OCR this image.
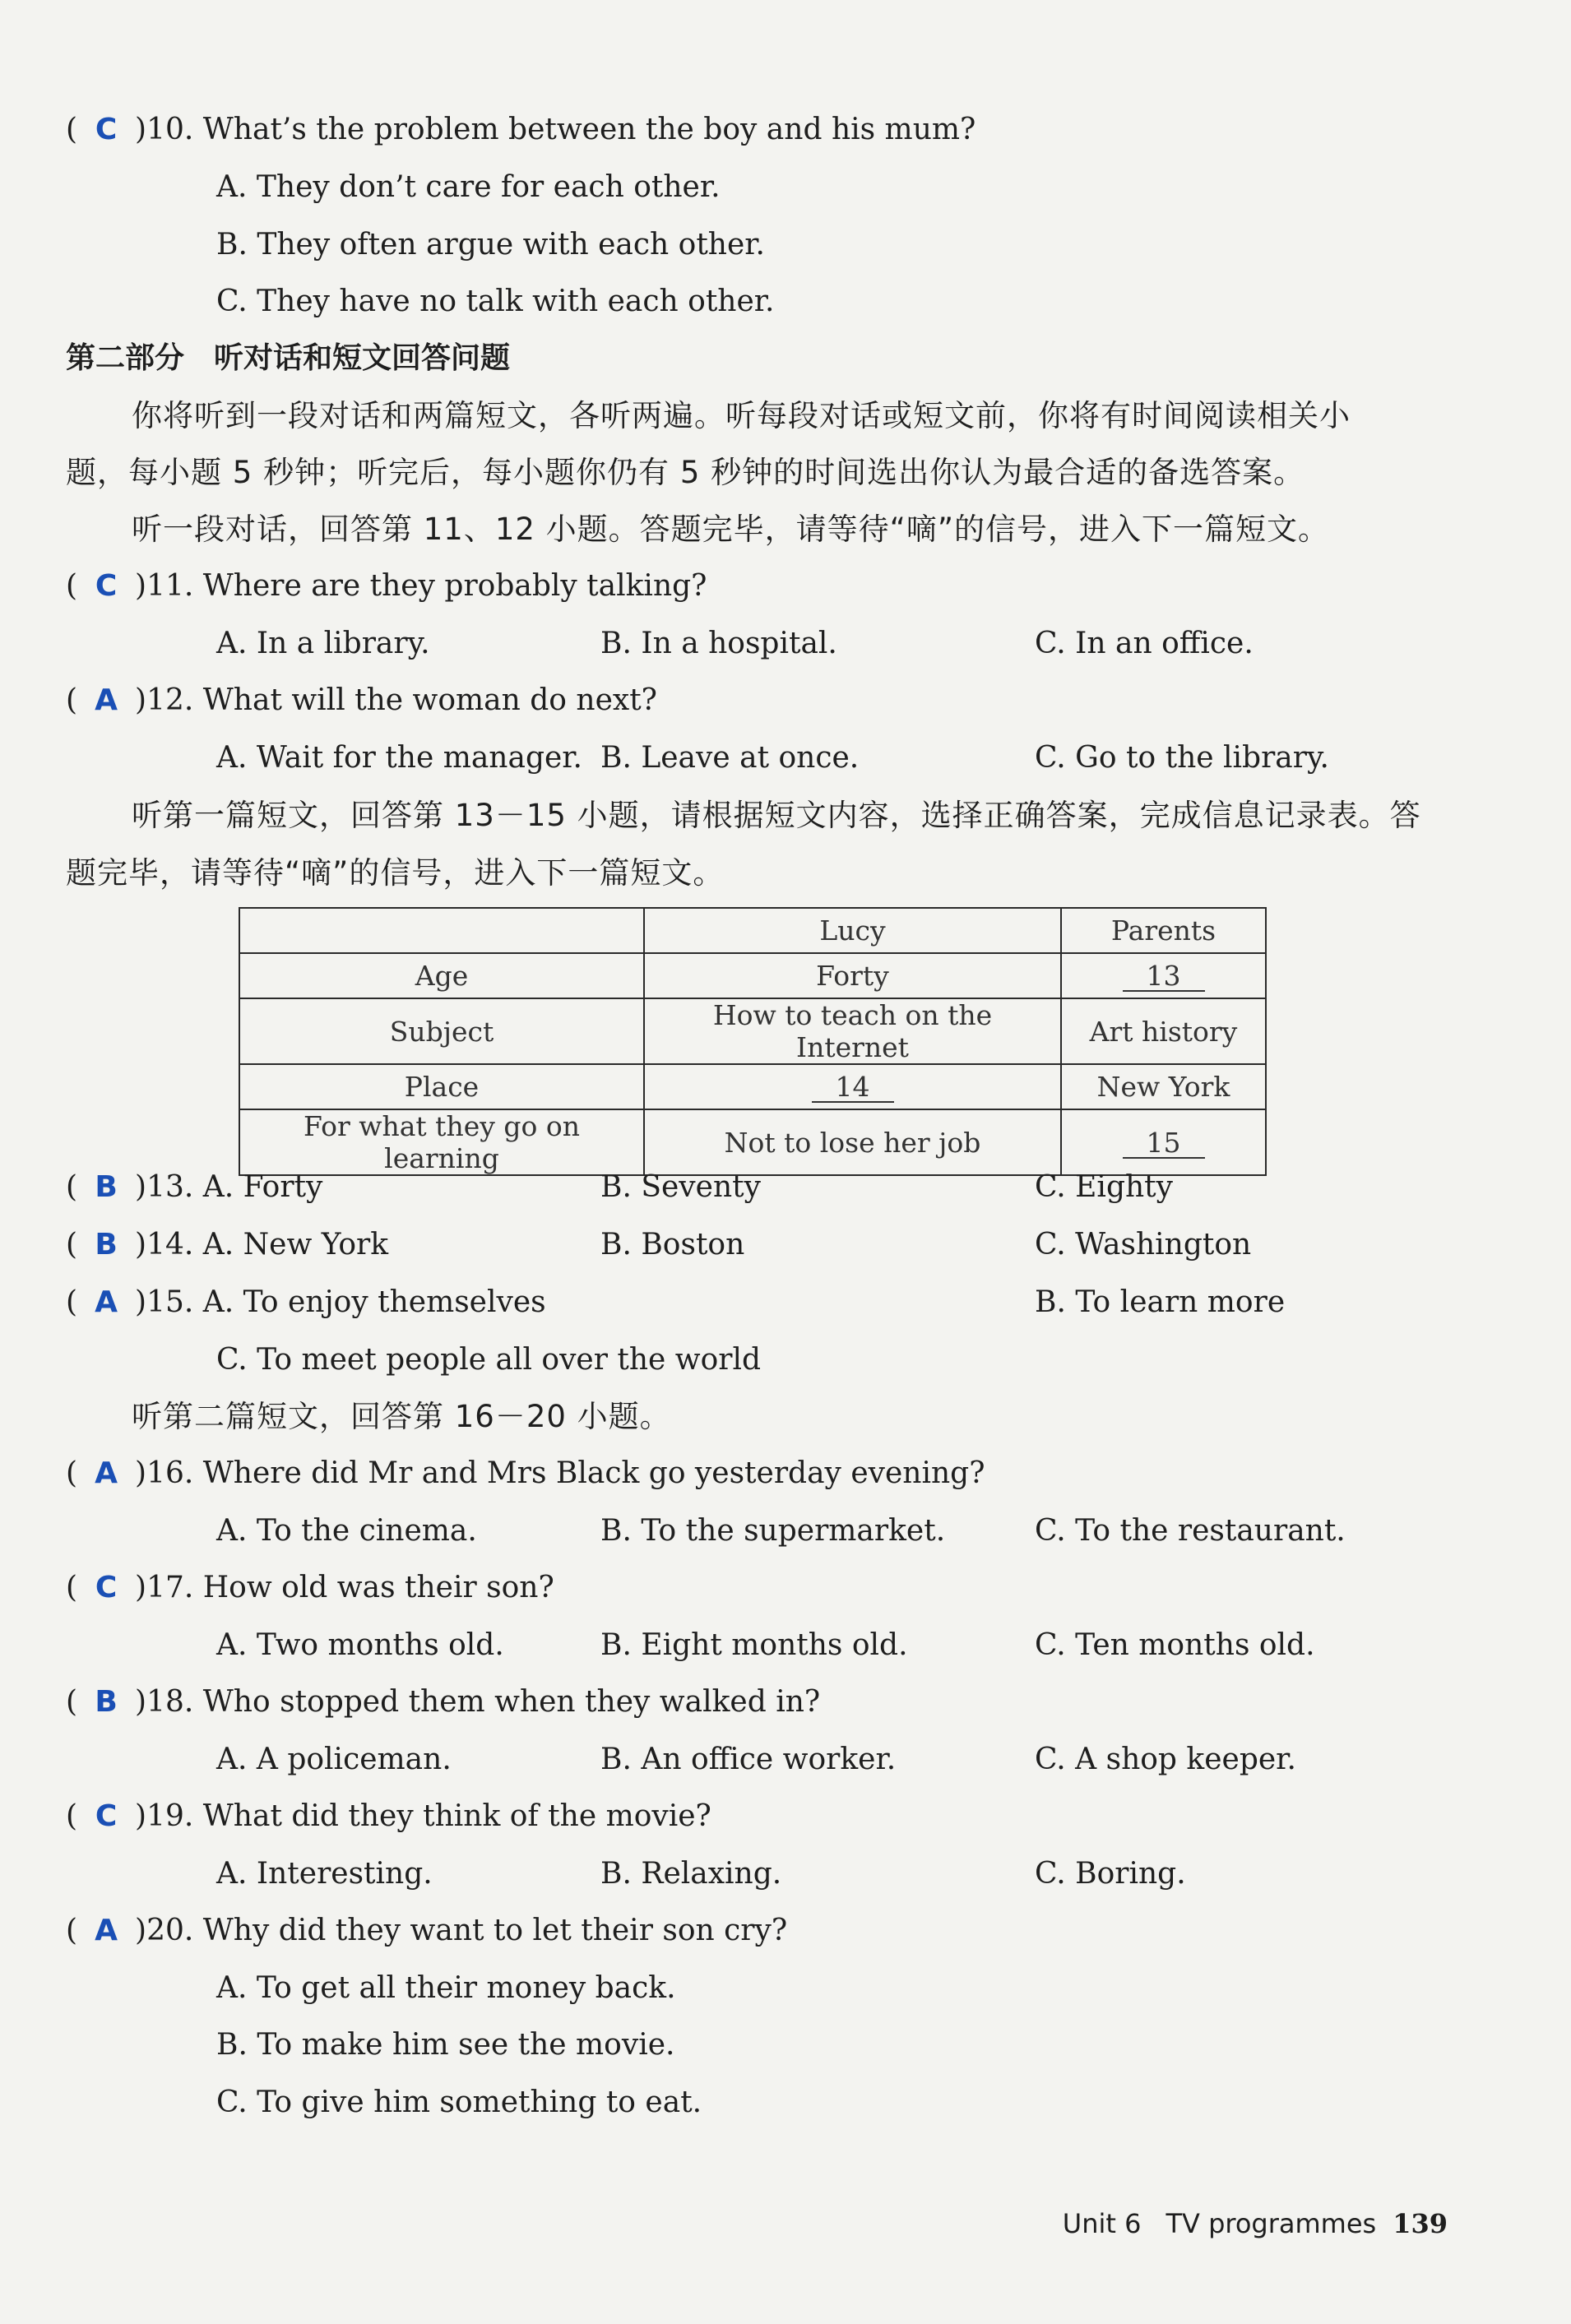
( C )10. What’s the problem between the boy and his mum?
A. They don’t care for each other.
B. They often argue with each other.
C. They have no talk with each other.
第二部分　听对话和短文回答问题
你将听到一段对话和两篇短文，各听两遍。听每段对话或短文前，你将有时间阅读相关小
题，每小题 5 秒钟；听完后，每小题你仍有 5 秒钟的时间选出你认为最合适的备选答案。
听一段对话，回答第 11、12 小题。答题完毕，请等待“嘀”的信号，进入下一篇短文。
( C )11. Where are they probably talking?
A. In a library.	B. In a hospital.	C. In an office.
( A )12. What will the woman do next?
A. Wait for the manager. B. Leave at once.	C. Go to the library.
听第一篇短文，回答第 13－15 小题，请根据短文内容，选择正确答案，完成信息记录表。答
题完毕，请等待“嘀”的信号，进入下一篇短文。
	Lucy	Parents
Age	Forty	13
Subject	How to teach on the Internet	Art history
Place	14	New York
For what they go on learning	Not to lose her job	15
( B )13. A. Forty	B. Seventy	C. Eighty
( B )14. A. New York	B. Boston	C. Washington
( A )15. A. To enjoy themselves	B. To learn more
C. To meet people all over the world
听第二篇短文，回答第 16－20 小题。
( A )16. Where did Mr and Mrs Black go yesterday evening?
A. To the cinema.	B. To the supermarket.	C. To the restaurant.
( C )17. How old was their son?
A. Two months old.	B. Eight months old.	C. Ten months old.
( B )18. Who stopped them when they walked in?
A. A policeman.	B. An office worker.	C. A shop keeper.
( C )19. What did they think of the movie?
A. Interesting.	B. Relaxing.	C. Boring.
( A )20. Why did they want to let their son cry?
A. To get all their money back.
B. To make him see the movie.
C. To give him something to eat.
Unit 6 TV programmes 139
